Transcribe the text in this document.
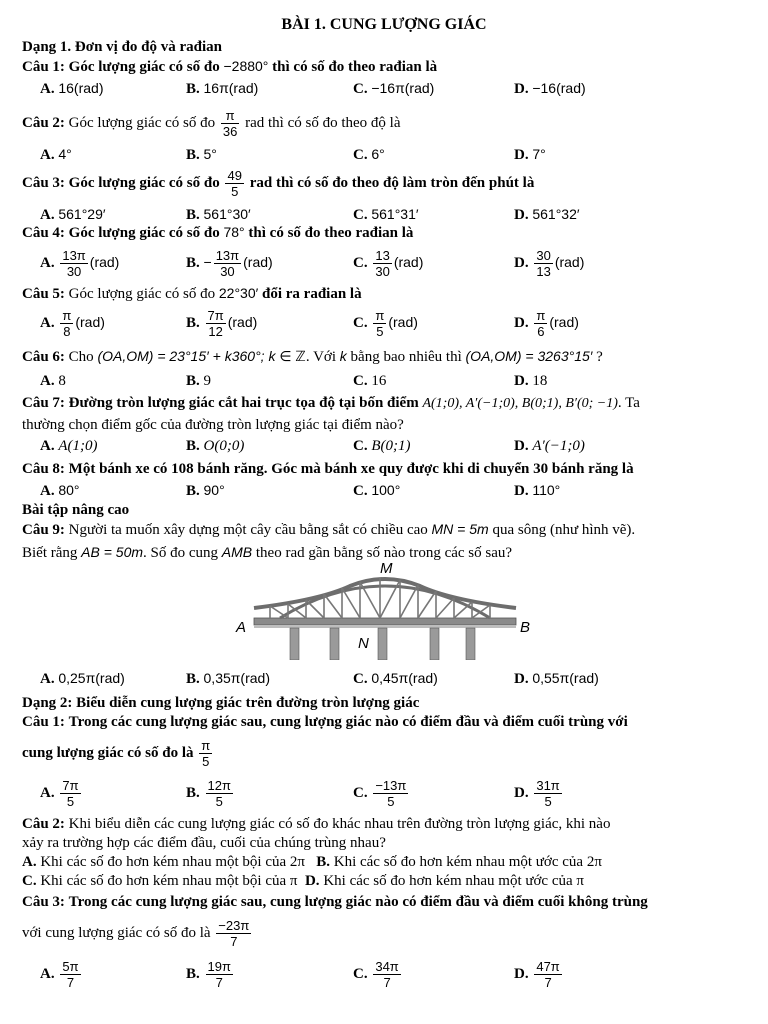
BÀI 1. CUNG LƯỢNG GIÁC
Dạng 1. Đơn vị đo độ và rađian
Câu 1: Góc lượng giác có số đo −2880° thì có số đo theo rađian là
A. 16(rad)	B. 16π(rad)	C. −16π(rad)	D. −16(rad)
Câu 2: Góc lượng giác có số đo $\frac{\pi}{36}$ rad thì có số đo theo độ là
A. 4°	B. 5°	C. 6°	D. 7°
Câu 3: Góc lượng giác có số đo $\frac{49}{5}$ rad thì có số đo theo độ làm tròn đến phút là
A. 561°29′	B. 561°30′	C. 561°31′	D. 561°32′
Câu 4: Góc lượng giác có số đo 78° thì có số đo theo rađian là
A. $\frac{13\pi}{30} (rad)$	B. − $\frac{13\pi}{30} (rad)$	C. $\frac{13}{30} (rad)$	D. $\frac{30}{13} (rad)$
Câu 5: Góc lượng giác có số đo 22°30′ đổi ra rađian là
A. $\frac{\pi}{8} (rad)$	B. $\frac{7\pi}{12} (rad)$	C. $\frac{\pi}{5} (rad)$	D. $\frac{\pi}{6} (rad)$
Câu 6: Cho (OA,OM) = 23°15′ + k360°; k ∈ ℤ. Với k bằng bao nhiêu thì (OA,OM) = 3263°15′ ?
A. 8	B. 9	C. 16	D. 18
Câu 7: Đường tròn lượng giác cắt hai trục tọa độ tại bốn điểm A(1;0), A′(−1;0), B(0;1), B′(0; −1). Ta
thường chọn điểm gốc của đường tròn lượng giác tại điểm nào?
A. A(1;0)	B. O(0;0)	C. B(0;1)	D. A′(−1;0)
Câu 8: Một bánh xe có 108 bánh răng. Góc mà bánh xe quy được khi di chuyển 30 bánh răng là
A. 80°	B. 90°	C. 100°	D. 110°
Bài tập nâng cao
Câu 9: Người ta muốn xây dựng một cây cầu bằng sắt có chiều cao MN = 5m qua sông (như hình vẽ).
Biết rằng AB = 50m. Số đo cung AMB theo rad gần bằng số nào trong các số sau?
M
N
A	B
A. 0,25π(rad)	B. 0,35π(rad)	C. 0,45π(rad)	D. 0,55π(rad)
Dạng 2: Biểu diễn cung lượng giác trên đường tròn lượng giác
Câu 1: Trong các cung lượng giác sau, cung lượng giác nào có điểm đầu và điểm cuối trùng với
cung lượng giác có số đo là $\frac{\pi}{5}$
A. $\frac{7\pi}{5}$	B. $\frac{12\pi}{5}$	C. $\frac{-13\pi}{5}$	D. $\frac{31\pi}{5}$
Câu 2: Khi biểu diễn các cung lượng giác có số đo khác nhau trên đường tròn lượng giác, khi nào
xảy ra trường hợp các điểm đầu, cuối của chúng trùng nhau?
A. Khi các số đo hơn kém nhau một bội của 2π B. Khi các số đo hơn kém nhau một ước của 2π
C. Khi các số đo hơn kém nhau một bội của π D. Khi các số đo hơn kém nhau một ước của π
Câu 3: Trong các cung lượng giác sau, cung lượng giác nào có điểm đầu và điểm cuối không trùng
với cung lượng giác có số đo là $\frac{-23\pi}{7}$
A. $\frac{5\pi}{7}$	B. $\frac{19\pi}{7}$	C. $\frac{34\pi}{7}$	D. $\frac{47\pi}{7}$
